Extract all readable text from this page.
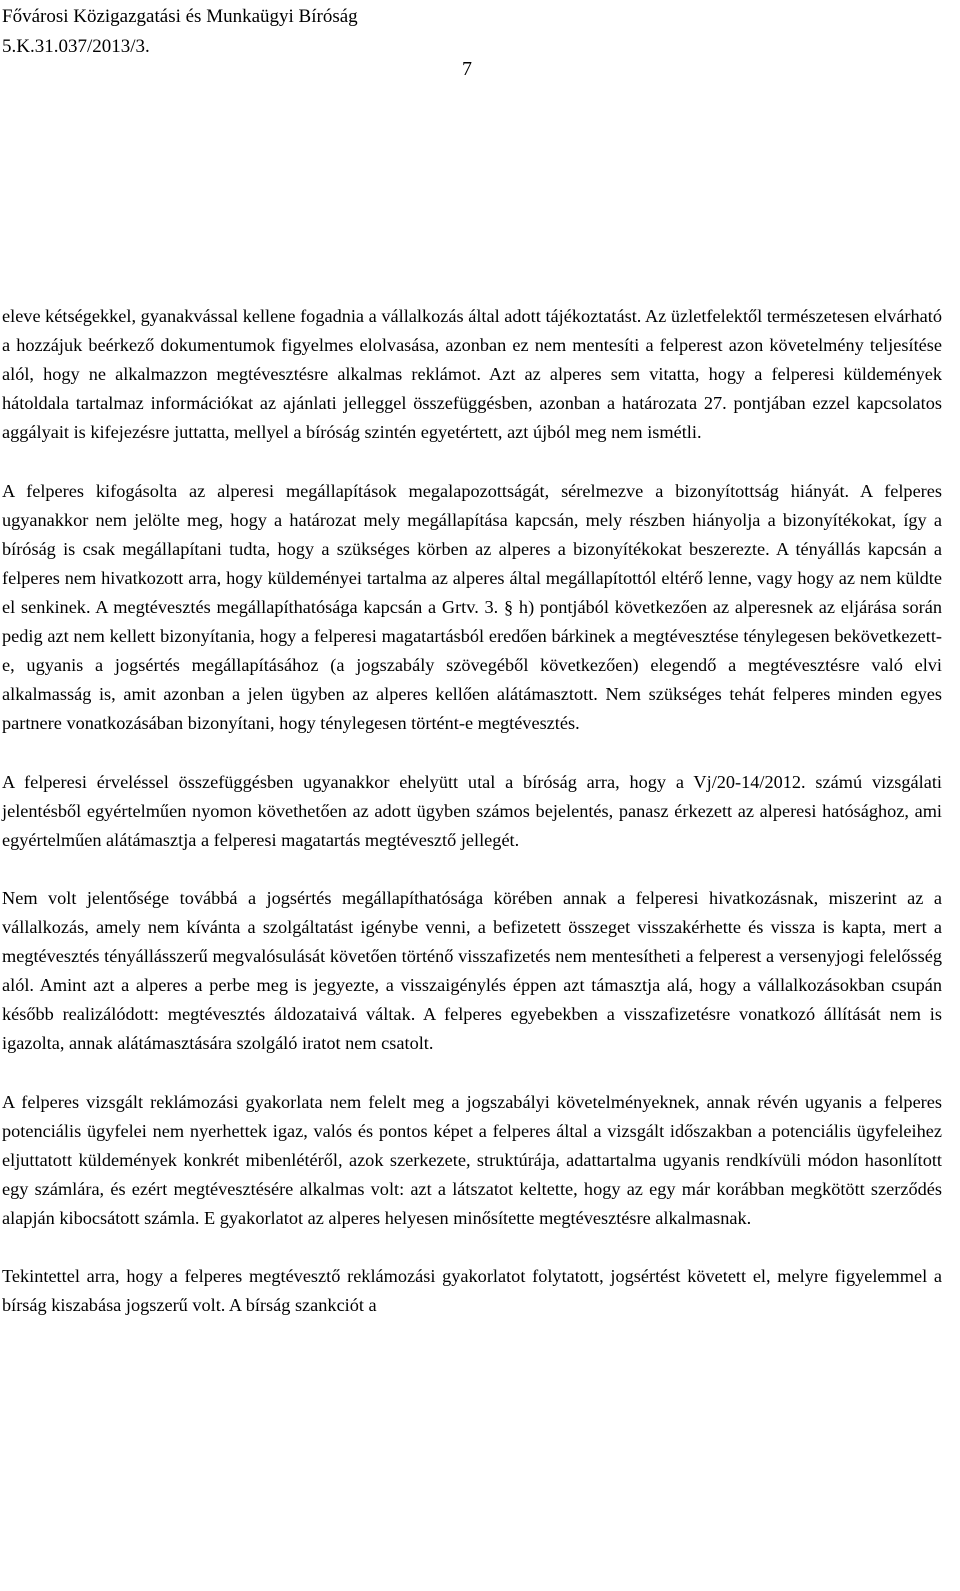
Fővárosi Közigazgatási és Munkaügyi Bíróság
5.K.31.037/2013/3.
7

eleve kétségekkel, gyanakvással kellene fogadnia a vállalkozás által adott tájékoztatást. Az üzletfelektől természetesen elvárható a hozzájuk beérkező dokumentumok figyelmes elolvasása, azonban ez nem mentesíti a felperest azon követelmény teljesítése alól, hogy ne alkalmazzon megtévesztésre alkalmas reklámot. Azt az alperes sem vitatta, hogy a felperesi küldemények hátoldala tartalmaz információkat az ajánlati jelleggel összefüggésben, azonban a határozata 27. pontjában ezzel kapcsolatos aggályait is kifejezésre juttatta, mellyel a bíróság szintén egyetértett, azt újból meg nem ismétli.

A felperes kifogásolta az alperesi megállapítások megalapozottságát, sérelmezve a bizonyítottság hiányát. A felperes ugyanakkor nem jelölte meg, hogy a határozat mely megállapítása kapcsán, mely részben hiányolja a bizonyítékokat, így a bíróság is csak megállapítani tudta, hogy a szükséges körben az alperes a bizonyítékokat beszerezte. A tényállás kapcsán a felperes nem hivatkozott arra, hogy küldeményei tartalma az alperes által megállapítottól eltérő lenne, vagy hogy az nem küldte el senkinek. A megtévesztés megállapíthatósága kapcsán a Grtv. 3. § h) pontjából következően az alperesnek az eljárása során pedig azt nem kellett bizonyítania, hogy a felperesi magatartásból eredően bárkinek a megtévesztése ténylegesen bekövetkezett-e, ugyanis a jogsértés megállapításához (a jogszabály szövegéből következően) elegendő a megtévesztésre való elvi alkalmasság is, amit azonban a jelen ügyben az alperes kellően alátámasztott. Nem szükséges tehát felperes minden egyes partnere vonatkozásában bizonyítani, hogy ténylegesen történt-e megtévesztés.

A felperesi érveléssel összefüggésben ugyanakkor ehelyütt utal a bíróság arra, hogy a Vj/20-14/2012. számú vizsgálati jelentésből egyértelműen nyomon követhetően az adott ügyben számos bejelentés, panasz érkezett az alperesi hatósághoz, ami egyértelműen alátámasztja a felperesi magatartás megtévesztő jellegét.

Nem volt jelentősége továbbá a jogsértés megállapíthatósága körében annak a felperesi hivatkozásnak, miszerint az a vállalkozás, amely nem kívánta a szolgáltatást igénybe venni, a befizetett összeget visszakérhette és vissza is kapta, mert a megtévesztés tényállásszerű megvalósulását követően történő visszafizetés nem mentesítheti a felperest a versenyjogi felelősség alól. Amint azt a alperes a perbe meg is jegyezte, a visszaigénylés éppen azt támasztja alá, hogy a vállalkozásokban csupán később realizálódott: megtévesztés áldozataivá váltak. A felperes egyebekben a visszafizetésre vonatkozó állítását nem is igazolta, annak alátámasztására szolgáló iratot nem csatolt.

A felperes vizsgált reklámozási gyakorlata nem felelt meg a jogszabályi követelményeknek, annak révén ugyanis a felperes potenciális ügyfelei nem nyerhettek igaz, valós és pontos képet a felperes által a vizsgált időszakban a potenciális ügyfeleihez eljuttatott küldemények konkrét mibenlétéről, azok szerkezete, struktúrája, adattartalma ugyanis rendkívüli módon hasonlított egy számlára, és ezért megtévesztésére alkalmas volt: azt a látszatot keltette, hogy az egy már korábban megkötött szerződés alapján kibocsátott számla. E gyakorlatot az alperes helyesen minősítette megtévesztésre alkalmasnak.

Tekintettel arra, hogy a felperes megtévesztő reklámozási gyakorlatot folytatott, jogsértést követett el, melyre figyelemmel a bírság kiszabása jogszerű volt. A bírság szankciót a
